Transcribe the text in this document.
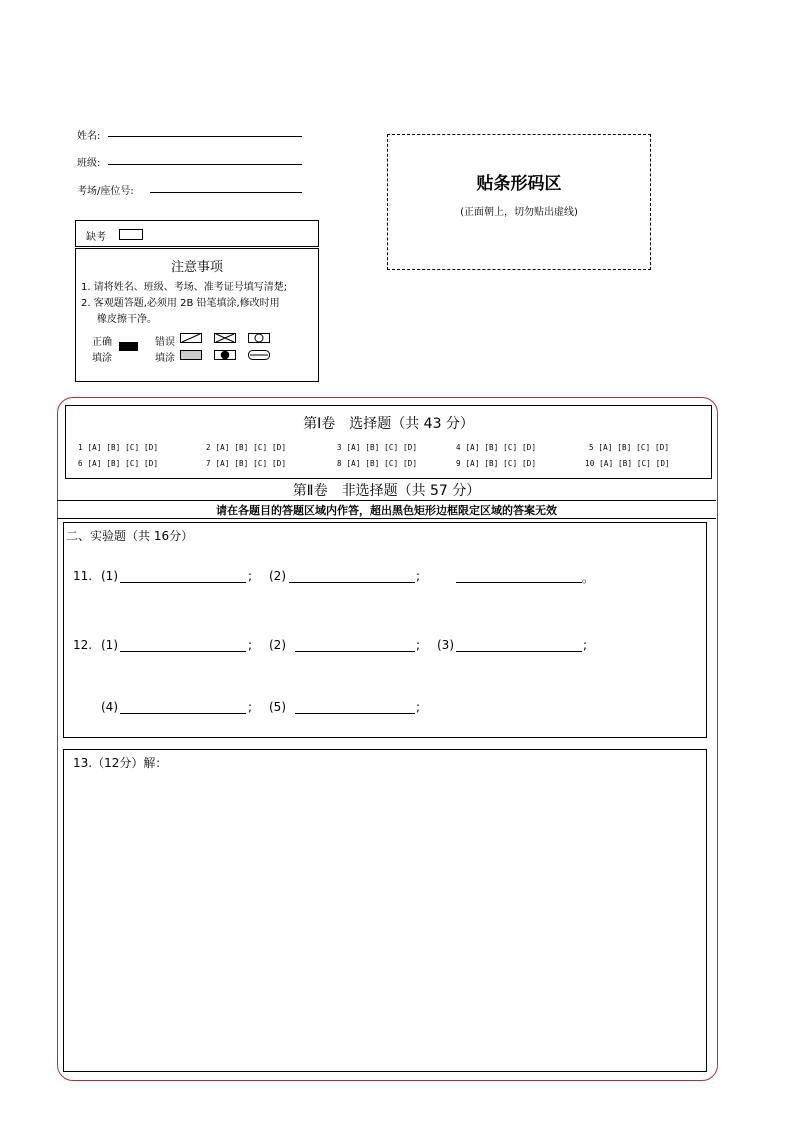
姓名:
班级:
考场/座位号:	贴条形码区
(正面朝上，切勿贴出虚线)
缺考
注意事项
1. 请将姓名、班级、考场、准考证号填写清楚;
2. 客观题答题,必须用 2B 铅笔填涂,修改时用
橡皮擦干净。
正确
填涂
错误
填涂
第Ⅰ卷　选择题（共 43 分）
1 [A] [B] [C] [D]	2 [A] [B] [C] [D]	3 [A] [B] [C] [D]	4 [A] [B] [C] [D]	5 [A] [B] [C] [D]
6 [A] [B] [C] [D]	7 [A] [B] [C] [D]	8 [A] [B] [C] [D]	9 [A] [B] [C] [D]	10 [A] [B] [C] [D]
第Ⅱ卷　非选择题（共 57 分）
请在各题目的答题区域内作答，超出黑色矩形边框限定区域的答案无效
二、实验题（共 16分）
11. (1)	; (2)	;	。
12. (1)	; (2)	; (3)	;
(4)	; (5)	;
13.（12分）解：
